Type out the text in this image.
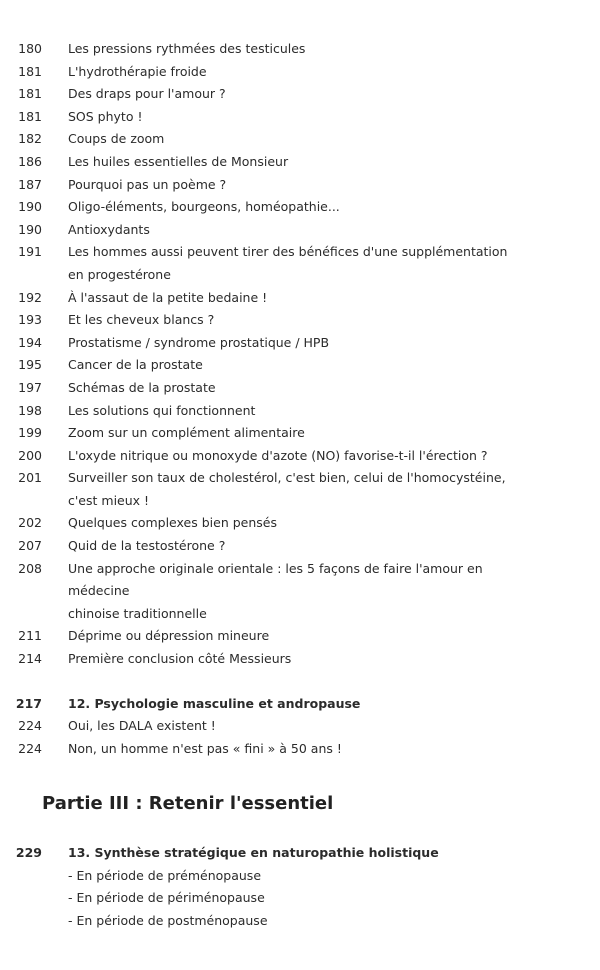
180	Les pressions rythmées des testicules
181	L'hydrothérapie froide
181	Des draps pour l'amour ?
181	SOS phyto !
182	Coups de zoom
186	Les huiles essentielles de Monsieur
187	Pourquoi pas un poème ?
190	Oligo-éléments, bourgeons, homéopathie...
190	Antioxydants
191	Les hommes aussi peuvent tirer des bénéfices d'une supplémentation
en progestérone
192	À l'assaut de la petite bedaine !
193	Et les cheveux blancs ?
194	Prostatisme / syndrome prostatique / HPB
195	Cancer de la prostate
197	Schémas de la prostate
198	Les solutions qui fonctionnent
199	Zoom sur un complément alimentaire
200	L'oxyde nitrique ou monoxyde d'azote (NO) favorise-t-il l'érection ?
201	Surveiller son taux de cholestérol, c'est bien, celui de l'homocystéine,
c'est mieux !
202	Quelques complexes bien pensés
207	Quid de la testostérone ?
208	Une approche originale orientale : les 5 façons de faire l'amour en médecine
chinoise traditionnelle
211	Déprime ou dépression mineure
214	Première conclusion côté Messieurs
217	12. Psychologie masculine et andropause
224	Oui, les DALA existent !
224	Non, un homme n'est pas « fini » à 50 ans !
Partie III : Retenir l'essentiel
229	13. Synthèse stratégique en naturopathie holistique
- En période de préménopause
- En période de périménopause
- En période de postménopause
